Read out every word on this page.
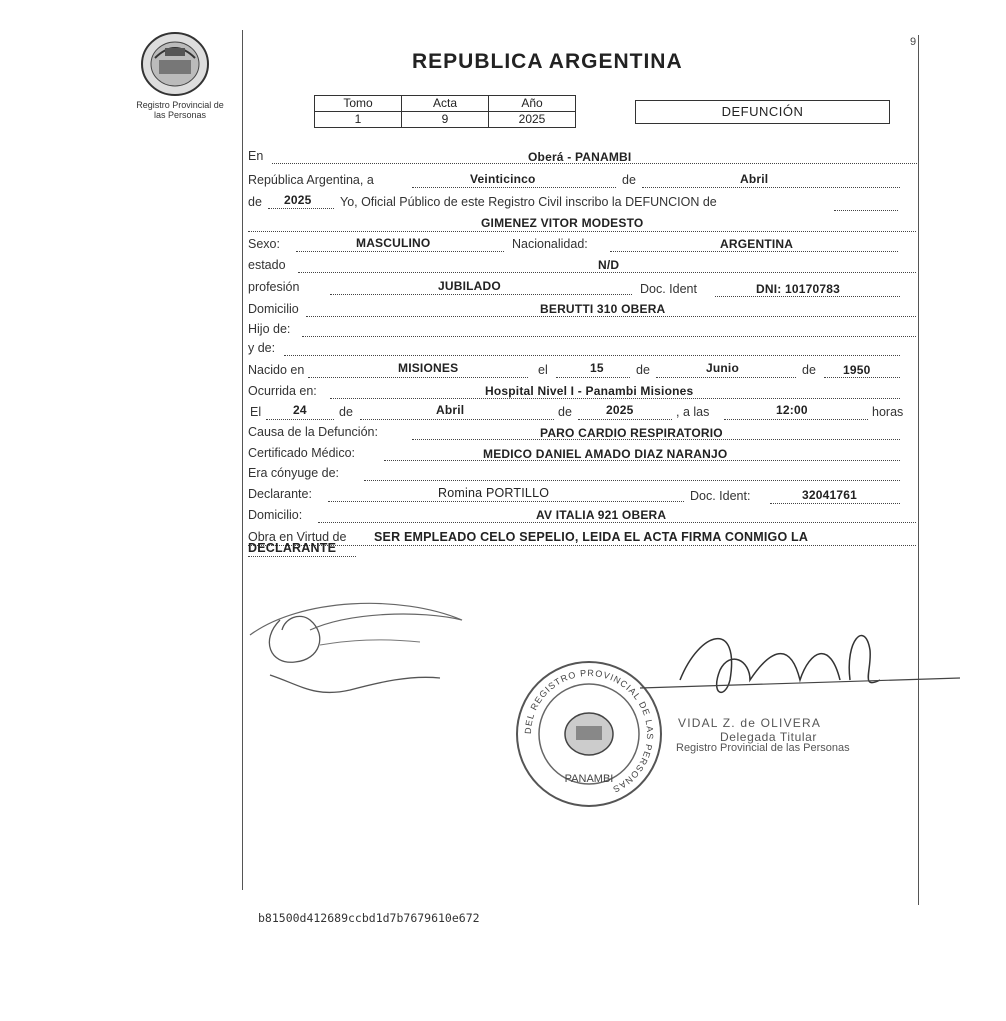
9
Registro Provincial de
las Personas
REPUBLICA ARGENTINA
Tomo	Acta	Año
1	9	2025	DEFUNCIÓN
En	Oberá - PANAMBI
República Argentina, a	Veinticinco	de	Abril
de 2025 Yo, Oficial Público de este Registro Civil inscribo la DEFUNCION de
GIMENEZ VITOR MODESTO
Sexo:	MASCULINO	Nacionalidad:	ARGENTINA
estado	N/D
profesión	JUBILADO	Doc. Ident	DNI: 10170783
Domicilio	BERUTTI 310 OBERA
Hijo de:
y de:
Nacido en	MISIONES	el	15	de	Junio	de 1950
Ocurrida en:	Hospital Nivel I - Panambi Misiones
El	24	de	Abril	de	2025	, a las	12:00	horas
Causa de la Defunción:	PARO CARDIO RESPIRATORIO
Certificado Médico:	MEDICO DANIEL AMADO DIAZ NARANJO
Era cónyuge de:
Declarante:	Romina PORTILLO	Doc. Ident:	32041761
Domicilio:	AV ITALIA 921 OBERA
Obra en Virtud de SER EMPLEADO CELO SEPELIO, LEIDA EL ACTA FIRMA CONMIGO LA
DECLARANTE
DEL REGISTRO PROVINCIAL DE LAS PERSONAS
PANAMBI
VIDAL Z. de OLIVERA
Delegada Titular
Registro Provincial de las Personas
b81500d412689ccbd1d7b7679610e672
